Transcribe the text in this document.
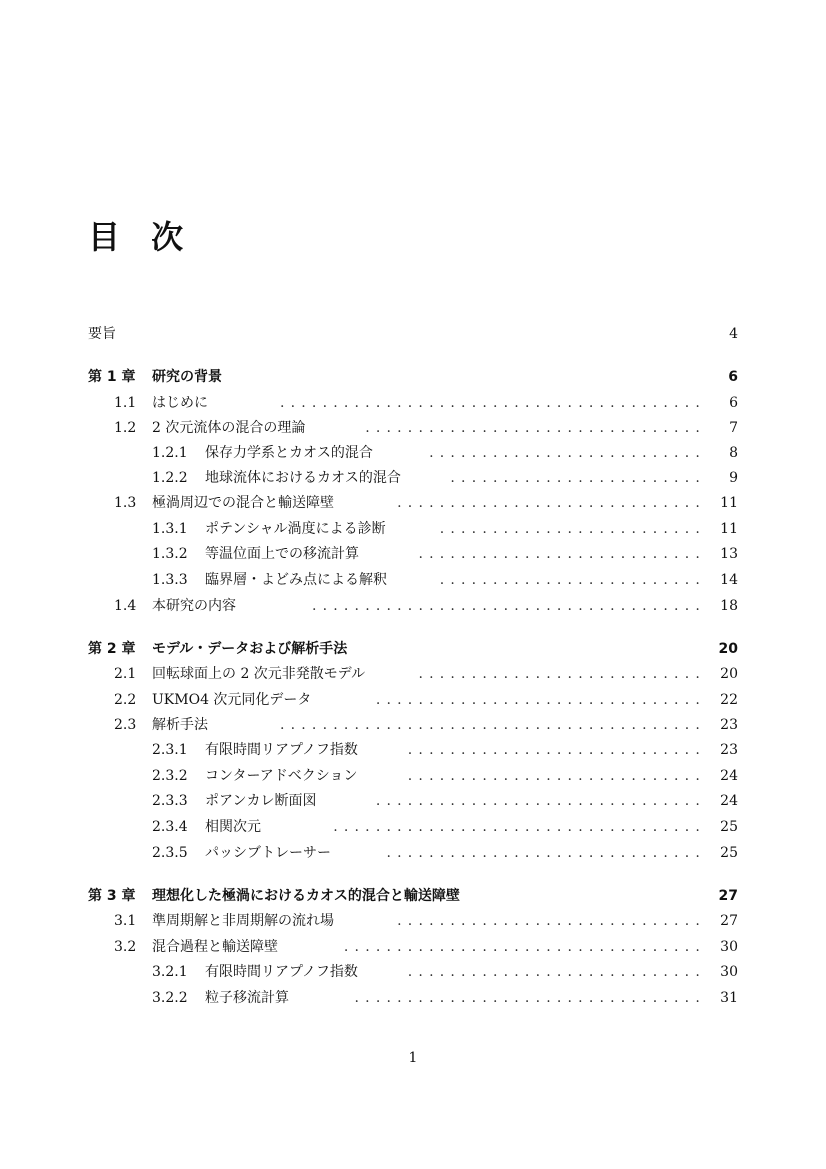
目 次
要旨	4
第 1 章 研究の背景	6
1.1 はじめに	6
........................................
1.2 2 次元流体の混合の理論	7
................................
1.2.1 保存力学系とカオス的混合	8
..........................
1.2.2 地球流体におけるカオス的混合	9
........................
1.3 極渦周辺での混合と輸送障壁	11
.............................
1.3.1 ポテンシャル渦度による診断	11
.........................
1.3.2 等温位面上での移流計算	13
...........................
1.3.3 臨界層・よどみ点による解釈	14
.........................
1.4 本研究の内容	18
.....................................
第 2 章 モデル・データおよび解析手法	20
2.1 回転球面上の 2 次元非発散モデル	20
...........................
2.2 UKMO4 次元同化データ	22
...............................
2.3 解析手法	23
........................................
2.3.1 有限時間リアプノフ指数	23
............................
2.3.2 コンターアドベクション	24
............................
2.3.3 ポアンカレ断面図	24
...............................
2.3.4 相関次元	25
...................................
2.3.5 パッシブトレーサー	25
..............................
第 3 章 理想化した極渦におけるカオス的混合と輸送障壁	27
3.1 準周期解と非周期解の流れ場	27
.............................
3.2 混合過程と輸送障壁	30
..................................
3.2.1 有限時間リアプノフ指数	30
............................
3.2.2 粒子移流計算	31
.................................
1
